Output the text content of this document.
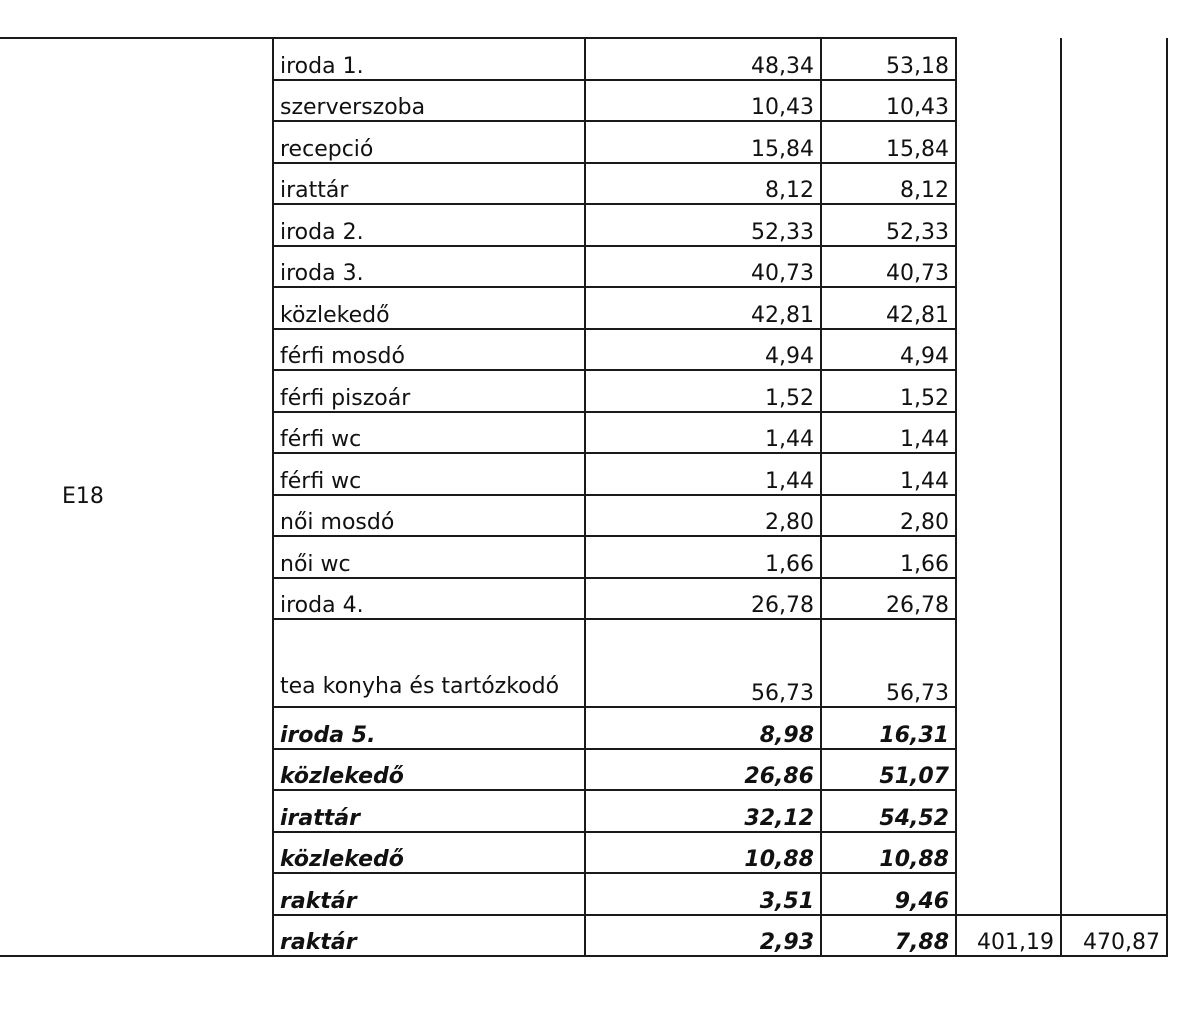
E18	iroda 1.	48,34	53,18		
	szerverszoba	10,43	10,43		
	recepció	15,84	15,84		
	irattár	8,12	8,12		
	iroda 2.	52,33	52,33		
	iroda 3.	40,73	40,73		
	közlekedő	42,81	42,81		
	férfi mosdó	4,94	4,94		
	férfi piszoár	1,52	1,52		
	férfi wc	1,44	1,44		
	férfi wc	1,44	1,44		
	női mosdó	2,80	2,80		
	női wc	1,66	1,66		
	iroda 4.	26,78	26,78		
	tea konyha és tartózkodó	56,73	56,73		
	iroda 5.	8,98	16,31		
	közlekedő	26,86	51,07		
	irattár	32,12	54,52		
	közlekedő	10,88	10,88		
	raktár	3,51	9,46		
	raktár	2,93	7,88	401,19	470,87
